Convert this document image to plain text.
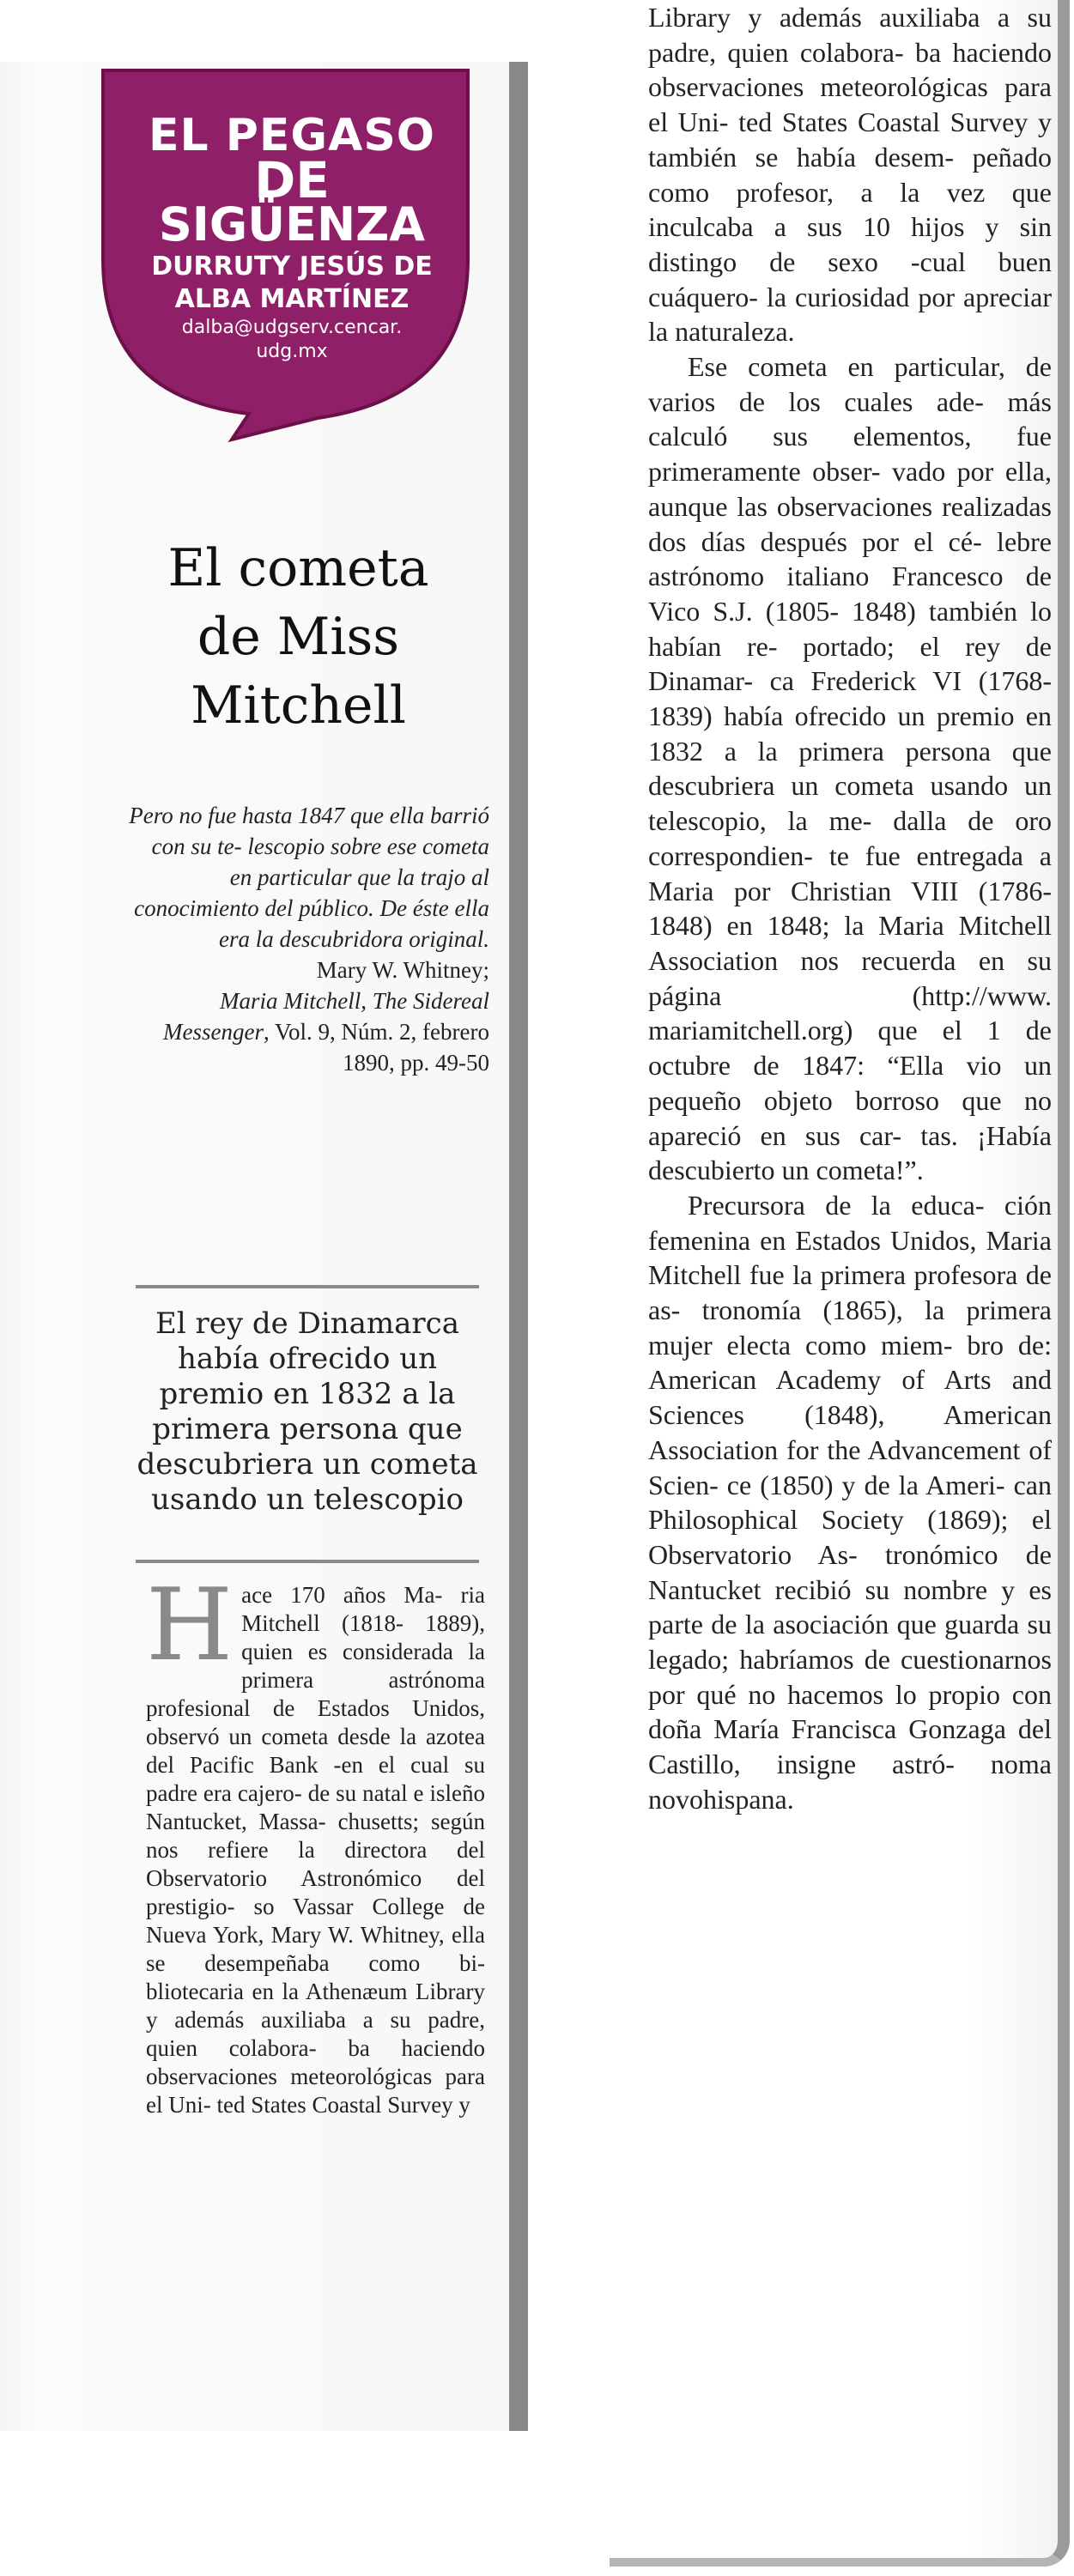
EL PEGASO
DE
SIGÜENZA
DURRUTY JESÚS DE
ALBA MARTÍNEZ
dalba@udgserv.cencar.
udg.mx
El cometa
de Miss
Mitchell
Pero no fue hasta 1847 que ella barrió con su te- lescopio sobre ese cometa en particular que la trajo al conocimiento del público. De éste ella era la descubridora original.
Mary W. Whitney;
Maria Mitchell, The Sidereal Messenger, Vol. 9, Núm. 2, febrero 1890, pp. 49-50
El rey de Dinamarca había ofrecido un premio en 1832 a la primera persona que descubriera un cometa usando un telescopio
Hace 170 años Ma- ria Mitchell (1818- 1889), quien es considerada la primera astrónoma profesional de Estados Unidos, observó un cometa desde la azotea del Pacific Bank -en el cual su padre era cajero- de su natal e isleño Nantucket, Massa- chusetts; según nos refiere la directora del Observatorio Astronómico del prestigio- so Vassar College de Nueva York, Mary W. Whitney, ella se desempeñaba como bi- bliotecaria en la Athenæum Library y además auxiliaba a su padre, quien colabora- ba haciendo observaciones meteorológicas para el Uni- ted States Coastal Survey y

Library y además auxiliaba a su padre, quien colabora- ba haciendo observaciones meteorológicas para el Uni- ted States Coastal Survey y también se había desem- peñado como profesor, a la vez que inculcaba a sus 10 hijos y sin distingo de sexo -cual buen cuáquero- la curiosidad por apreciar la naturaleza.

Ese cometa en particular, de varios de los cuales ade- más calculó sus elementos, fue primeramente obser- vado por ella, aunque las observaciones realizadas dos días después por el cé- lebre astrónomo italiano Francesco de Vico S.J. (1805- 1848) también lo habían re- portado; el rey de Dinamar- ca Frederick VI (1768-1839) había ofrecido un premio en 1832 a la primera persona que descubriera un cometa usando un telescopio, la me- dalla de oro correspondien- te fue entregada a Maria por Christian VIII (1786-1848) en 1848; la Maria Mitchell Association nos recuerda en su página (http://www. mariamitchell.org) que el 1 de octubre de 1847: “Ella vio un pequeño objeto borroso que no apareció en sus car- tas. ¡Había descubierto un cometa!”.

Precursora de la educa- ción femenina en Estados Unidos, Maria Mitchell fue la primera profesora de as- tronomía (1865), la primera mujer electa como miem- bro de: American Academy of Arts and Sciences (1848), American Association for the Advancement of Scien- ce (1850) y de la Ameri- can Philosophical Society (1869); el Observatorio As- tronómico de Nantucket recibió su nombre y es parte de la asociación que guarda su legado; habríamos de cuestionarnos por qué no hacemos lo propio con doña María Francisca Gonzaga del Castillo, insigne astró- noma novohispana.
